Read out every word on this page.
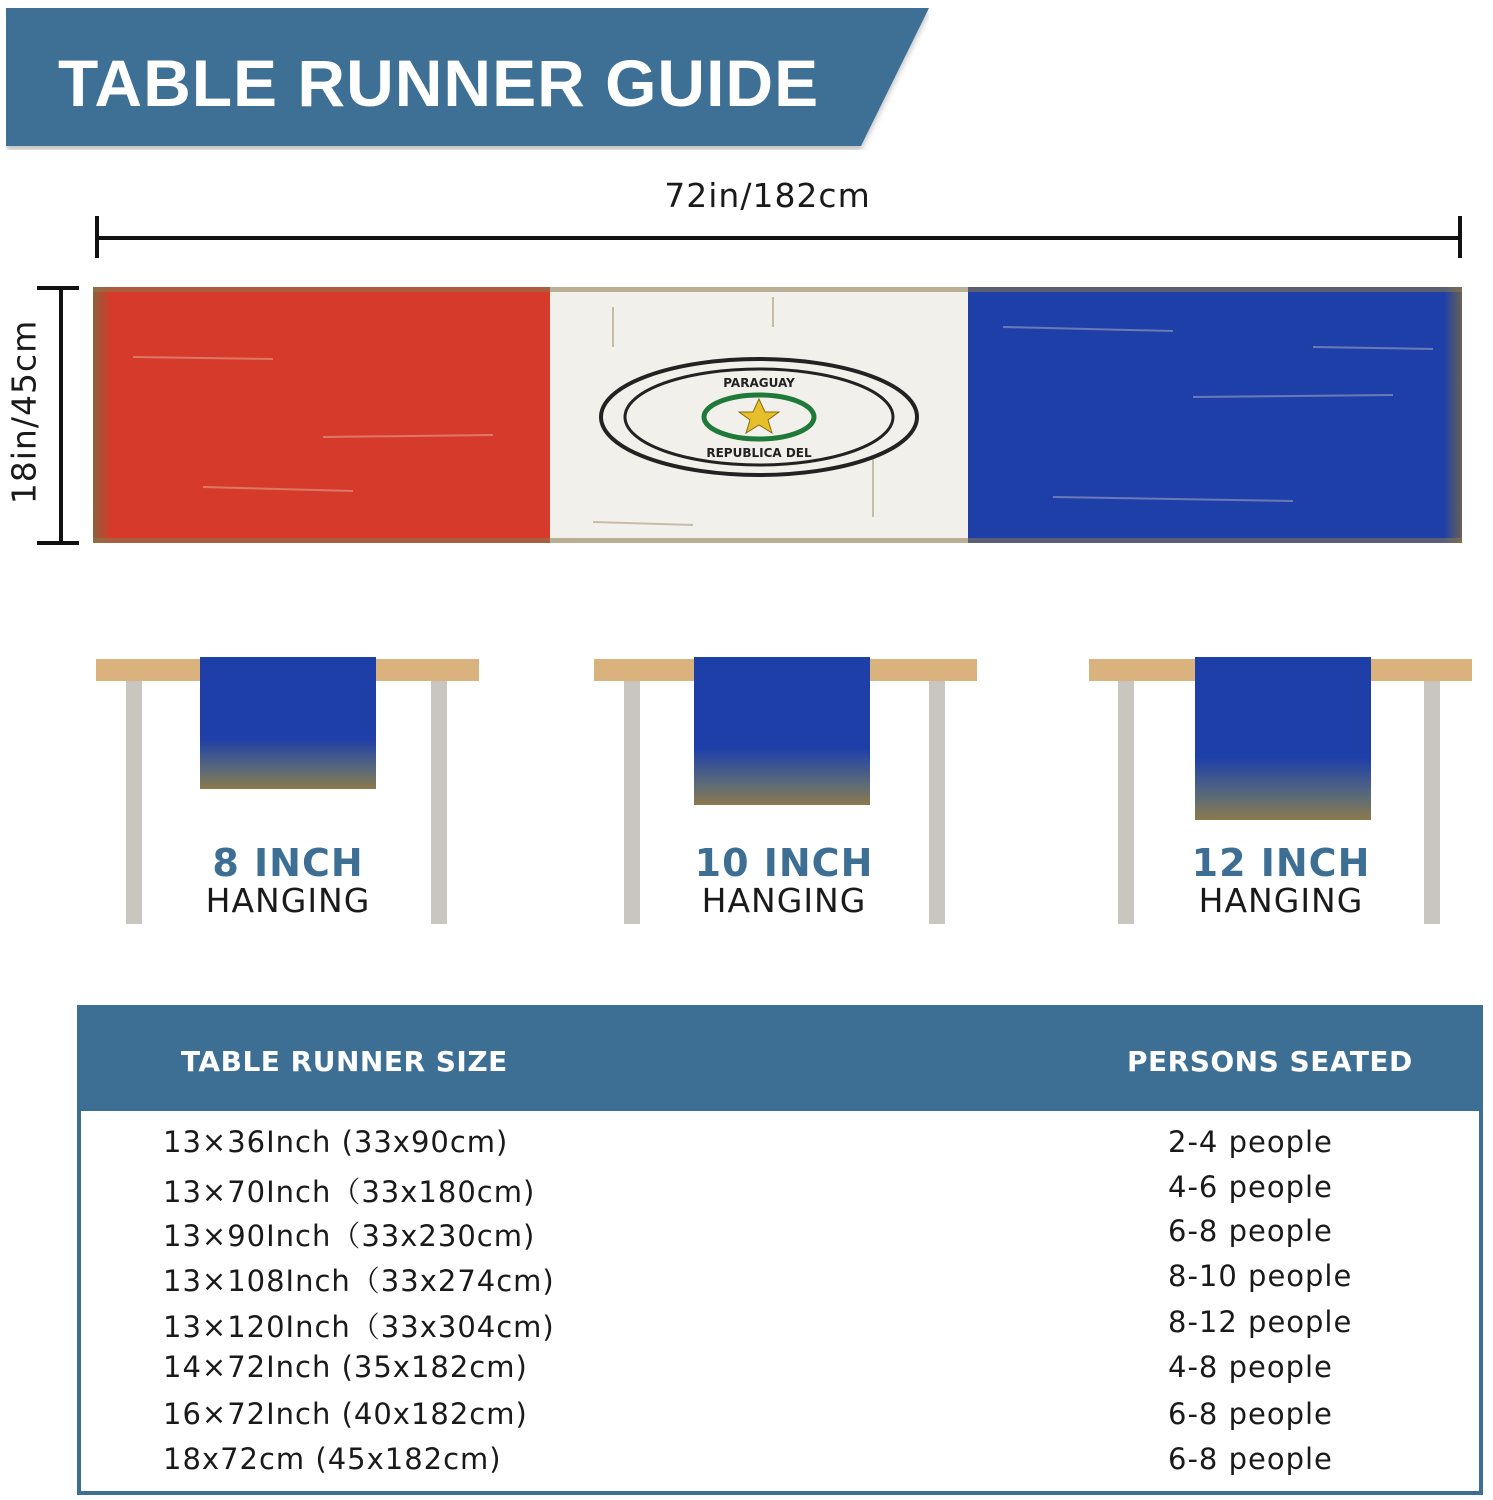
TABLE RUNNER GUIDE
72in/182cm
18in/45cm	PARAGUAY
REPUBLICA DEL
8 INCH
HANGING
10 INCH
HANGING
12 INCH
HANGING
TABLE RUNNER SIZE	PERSONS SEATED
13×36Inch (33x90cm)	2-4 people
13×70Inch（33x180cm)	4-6 people
13×90Inch（33x230cm)	6-8 people
13×108Inch（33x274cm)	8-10 people
13×120Inch（33x304cm)	8-12 people
14×72Inch (35x182cm)	4-8 people
16×72Inch (40x182cm)	6-8 people
18x72cm (45x182cm)	6-8 people
